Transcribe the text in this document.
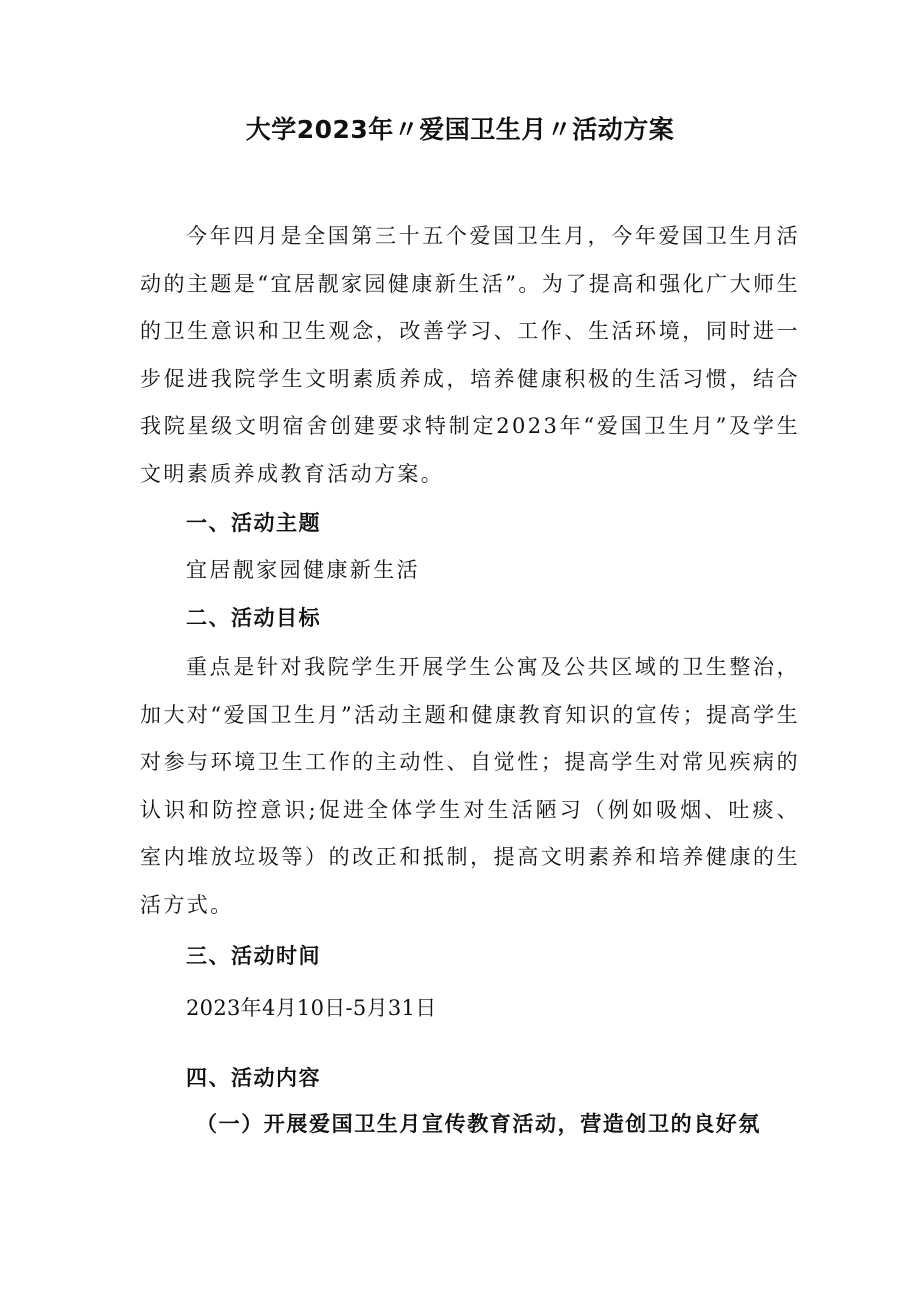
大学2023年〃爱国卫生月〃活动方案

今年四月是全国第三十五个爱国卫生月，今年爱国卫生月活动的主题是“宜居靓家园健康新生活”。为了提高和强化广大师生的卫生意识和卫生观念，改善学习、工作、生活环境，同时进一步促进我院学生文明素质养成，培养健康积极的生活习惯，结合我院星级文明宿舍创建要求特制定2023年“爱国卫生月”及学生文明素质养成教育活动方案。

一、活动主题
宜居靓家园健康新生活
二、活动目标

重点是针对我院学生开展学生公寓及公共区域的卫生整治，加大对“爱国卫生月”活动主题和健康教育知识的宣传；提高学生对参与环境卫生工作的主动性、自觉性；提高学生对常见疾病的认识和防控意识;促进全体学生对生活陋习（例如吸烟、吐痰、室内堆放垃圾等）的改正和抵制，提高文明素养和培养健康的生活方式。

三、活动时间
2023年4月10日-5月31日
四、活动内容
（一）开展爱国卫生月宣传教育活动，营造创卫的良好氛
